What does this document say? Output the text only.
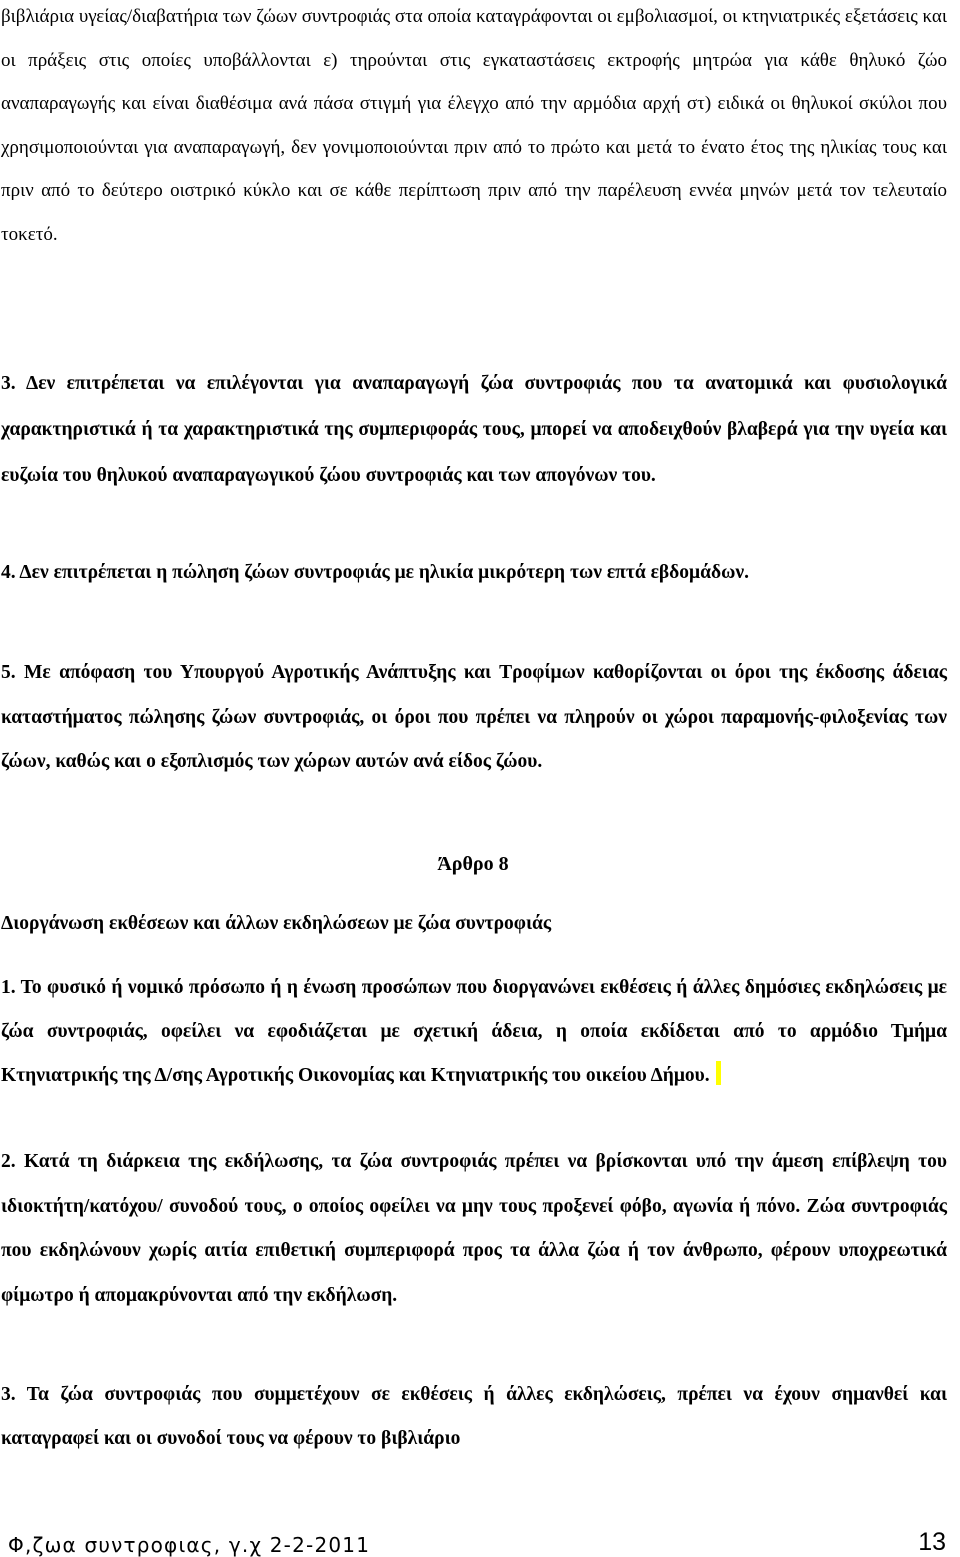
βιβλιάρια υγείας/διαβατήρια των ζώων συντροφιάς στα οποία καταγράφονται οι εμβολιασμοί, οι κτηνιατρικές εξετάσεις και οι πράξεις στις οποίες υποβάλλονται ε) τηρούνται στις εγκαταστάσεις εκτροφής μητρώα για κάθε θηλυκό ζώο αναπαραγωγής και είναι διαθέσιμα ανά πάσα στιγμή για έλεγχο από την αρμόδια αρχή στ) ειδικά οι θηλυκοί σκύλοι που χρησιμοποιούνται για αναπαραγωγή, δεν γονιμοποιούνται πριν από το πρώτο και μετά το ένατο έτος της ηλικίας τους και πριν από το δεύτερο οιστρικό κύκλο και σε κάθε περίπτωση πριν από την παρέλευση εννέα μηνών μετά τον τελευταίο τοκετό.

3. Δεν επιτρέπεται να επιλέγονται για αναπαραγωγή ζώα συντροφιάς που τα ανατομικά και φυσιολογικά χαρακτηριστικά ή τα χαρακτηριστικά της συμπεριφοράς τους, μπορεί να αποδειχθούν βλαβερά για την υγεία και ευζωία του θηλυκού αναπαραγωγικού ζώου συντροφιάς και των απογόνων του.

4. Δεν επιτρέπεται η πώληση ζώων συντροφιάς με ηλικία μικρότερη των επτά εβδομάδων.

5. Με απόφαση του Υπουργού Αγροτικής Ανάπτυξης και Τροφίμων καθορίζονται οι όροι της έκδοσης άδειας καταστήματος πώλησης ζώων συντροφιάς, οι όροι που πρέπει να πληρούν οι χώροι παραμονής-φιλοξενίας των ζώων, καθώς και ο εξοπλισμός των χώρων αυτών ανά είδος ζώου.

Άρθρο 8
Διοργάνωση εκθέσεων και άλλων εκδηλώσεων με ζώα συντροφιάς

1. Το φυσικό ή νομικό πρόσωπο ή η ένωση προσώπων που διοργανώνει εκθέσεις ή άλλες δημόσιες εκδηλώσεις με ζώα συντροφιάς, οφείλει να εφοδιάζεται με σχετική άδεια, η οποία εκδίδεται από το αρμόδιο Τμήμα Κτηνιατρικής της Δ/σης Αγροτικής Οικονομίας και Κτηνιατρικής του οικείου Δήμου.

2. Κατά τη διάρκεια της εκδήλωσης, τα ζώα συντροφιάς πρέπει να βρίσκονται υπό την άμεση επίβλεψη του ιδιοκτήτη/κατόχου/ συνοδού τους, ο οποίος οφείλει να μην τους προξενεί φόβο, αγωνία ή πόνο. Ζώα συντροφιάς που εκδηλώνουν χωρίς αιτία επιθετική συμπεριφορά προς τα άλλα ζώα ή τον άνθρωπο, φέρουν υποχρεωτικά φίμωτρο ή απομακρύνονται από την εκδήλωση.

3. Τα ζώα συντροφιάς που συμμετέχουν σε εκθέσεις ή άλλες εκδηλώσεις, πρέπει να έχουν σημανθεί και καταγραφεί και οι συνοδοί τους να φέρουν το βιβλιάριο

Φ,ζωα συντροφιας, γ.χ 2-2-2011	13
